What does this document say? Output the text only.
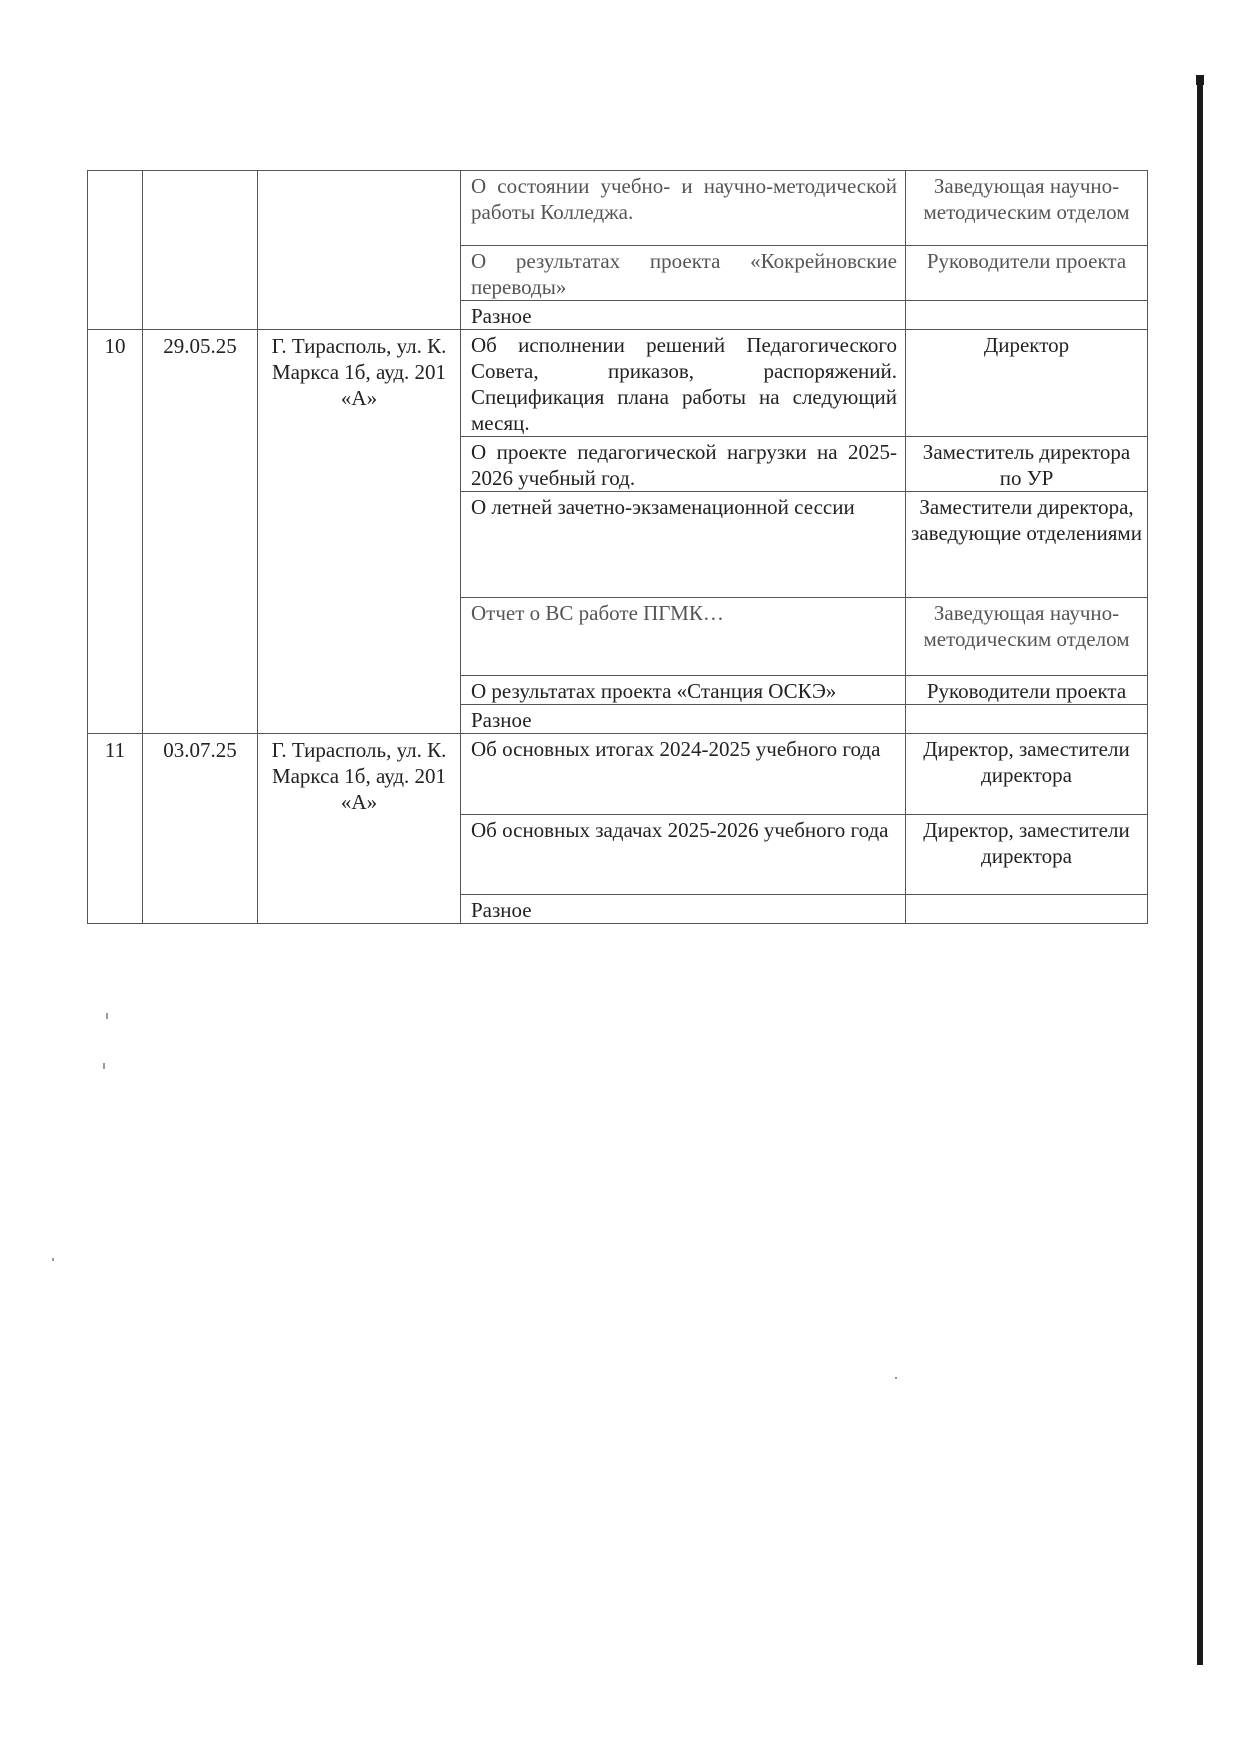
			О состоянии учебно- и научно-методической работы Колледжа.	Заведующая научно-методическим отделом
			О результатах проекта «Кокрейновские переводы»	Руководители проекта
			Разное	
10	29.05.25	Г. Тирасполь, ул. К. Маркса 1б, ауд. 201 «А»	Об исполнении решений Педагогического Совета, приказов, распоряжений. Спецификация плана работы на следующий месяц.	Директор
			О проекте педагогической нагрузки на 2025-2026 учебный год.	Заместитель директора по УР
			О летней зачетно-экзаменационной сессии	Заместители директора, заведующие отделениями
			Отчет о ВС работе ПГМК…	Заведующая научно-методическим отделом
			О результатах проекта «Станция ОСКЭ»	Руководители проекта
			Разное	
11	03.07.25	Г. Тирасполь, ул. К. Маркса 1б, ауд. 201 «А»	Об основных итогах 2024-2025 учебного года	Директор, заместители директора
			Об основных задачах 2025-2026 учебного года	Директор, заместители директора
			Разное	
